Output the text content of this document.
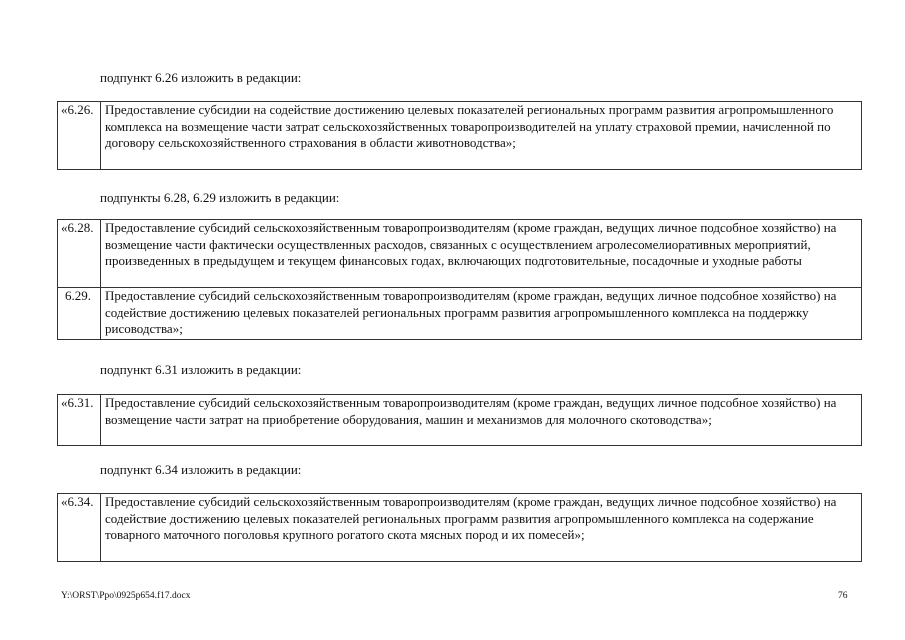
подпункт 6.26 изложить в редакции:

«6.26.	Предоставление субсидии на содействие достижению целевых показателей региональных программ развития агропромышленного комплекса на возмещение части затрат сельскохозяйственных товаропроизводителей на уплату страховой премии, начисленной по договору сельскохозяйственного страхования в области животноводства»;

подпункты 6.28, 6.29 изложить в редакции:

«6.28.	Предоставление субсидий сельскохозяйственным товаропроизводителям (кроме граждан, ведущих личное подсобное хозяйство) на возмещение части фактически осуществленных расходов, связанных с осуществлением агролесомелиоративных мероприятий, произведенных в предыдущем и текущем финансовых годах, включающих подготовительные, посадочные и уходные работы
6.29.	Предоставление субсидий сельскохозяйственным товаропроизводителям (кроме граждан, ведущих личное подсобное хозяйство) на содействие достижению целевых показателей региональных программ развития агропромышленного комплекса на поддержку рисоводства»;

подпункт 6.31 изложить в редакции:

«6.31.	Предоставление субсидий сельскохозяйственным товаропроизводителям (кроме граждан, ведущих личное подсобное хозяйство) на возмещение части затрат на приобретение оборудования, машин и механизмов для молочного скотоводства»;

подпункт 6.34 изложить в редакции:

«6.34.	Предоставление субсидий сельскохозяйственным товаропроизводителям (кроме граждан, ведущих личное подсобное хозяйство) на содействие достижению целевых показателей региональных программ развития агропромышленного комплекса на содержание товарного маточного поголовья крупного рогатого скота мясных пород и их помесей»;
Y:\ORST\Ppo\0925p654.f17.docx	76
